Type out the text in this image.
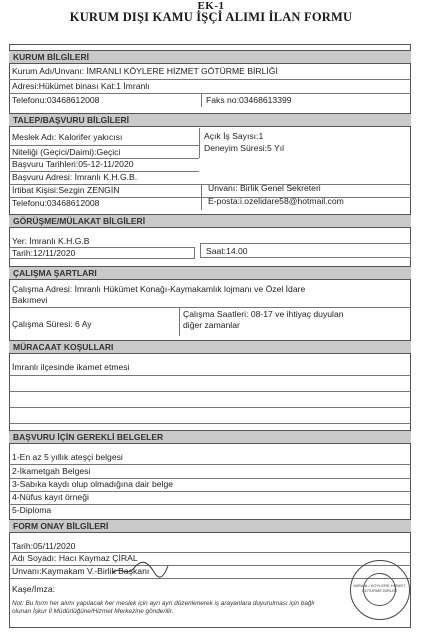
EK-1
KURUM DIŞI KAMU İŞÇİ ALIMI İLAN FORMU
KURUM BİLGİLERİ
Kurum Adı/Unvanı: İMRANLI KÖYLERE HİZMET GÖTÜRME BİRLİĞİ
Adresi:Hükümet binası Kat:1 İmranlı
Telefonu:03468612008	Faks no:03468613399
TALEP/BAŞVURU BİLGİLERİ
Meslek Adı: Kalorifer yakıcısı	Açık İş Sayısı:1
Niteliği (Geçici/Daimi):Geçici	Deneyim Süresi:5 Yıl
Başvuru Tarihleri:05-12-11/2020
Başvuru Adresi: İmranlı K.H.G.B.
İrtibat Kişisi:Sezgin ZENGİN	Unvanı: Birlik Genel Sekreteri
Telefonu:03468612008	E-posta:i.ozelidare58@hotmail.com
GÖRÜŞME/MÜLAKAT BİLGİLERİ
Yer: İmranlı K.H.G.B
Tarih:12/11/2020	Saat:14.00
ÇALIŞMA ŞARTLARI
Çalışma Adresi: İmranlı Hükümet Konağı-Kaymakamlık lojmanı ve Özel İdare
Bakımevi
Çalışma Süresi: 6 Ay
Çalışma Saatleri: 08-17 ve ihtiyaç duyulan
diğer zamanlar
MÜRACAAT KOŞULLARI
İmranlı ilçesinde ikamet etmesi
BAŞVURU İÇİN GEREKLİ BELGELER
1-En az 5 yıllık ateşçi belgesi
2-İkametgah Belgesi
3-Sabıka kaydı olup olmadığına dair belge
4-Nüfus kayıt örneği
5-Diploma
FORM ONAY BİLGİLERİ
Tarih:05/11/2020
Adı Soyadı: Hacı Kaymaz ÇİRAL
Unvanı:Kaymakam V.-Birlik Başkanı
Kaşe/İmza:	İMRANLI KÖYLERE HİZMET GÖTÜRME BİRLİĞİ
Not: Bu form her alımı yapılacak her meslek için ayrı ayrı düzenlenerek iş arayanlara duyurulması için bağlı
olunan İşkur İl Müdürlüğüne/Hizmet Merkezine gönderilir.
